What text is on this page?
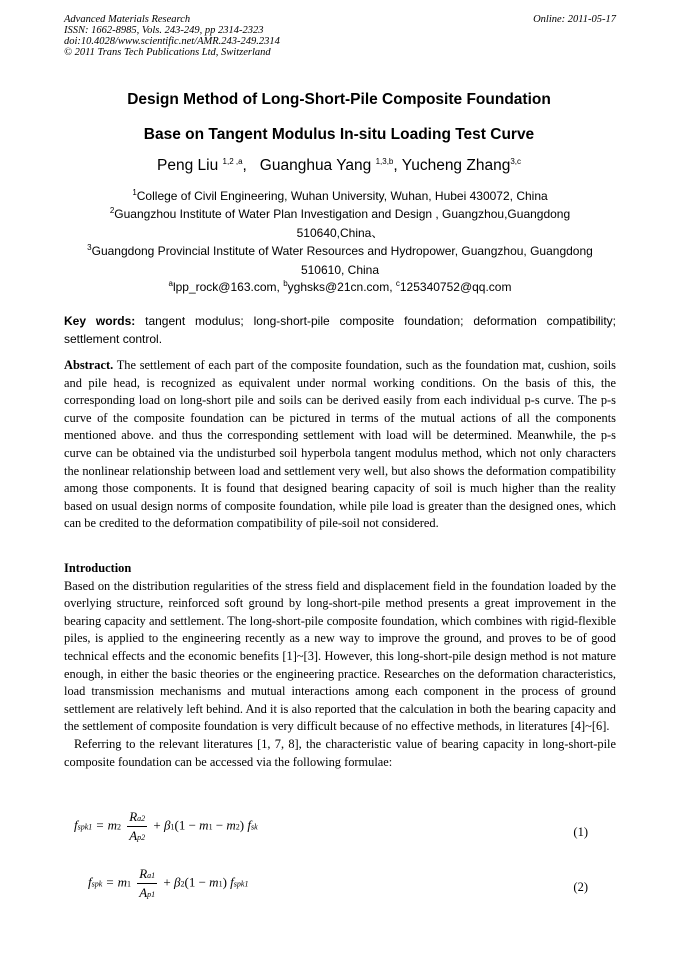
Advanced Materials Research
ISSN: 1662-8985, Vols. 243-249, pp 2314-2323
doi:10.4028/www.scientific.net/AMR.243-249.2314
© 2011 Trans Tech Publications Ltd, Switzerland
Online: 2011-05-17
Design Method of Long-Short-Pile Composite Foundation
Base on Tangent Modulus In-situ Loading Test Curve
Peng Liu $^{1,2 ,a}$,   Guanghua Yang $^{1,3,b}$, Yucheng Zhang$^{3,c}$
$^1$College of Civil Engineering, Wuhan University, Wuhan, Hubei 430072, China
$^2$Guangzhou Institute of Water Plan Investigation and Design , Guangzhou,Guangdong
510640,China、
$^3$Guangdong Provincial Institute of Water Resources and Hydropower, Guangzhou, Guangdong
510610, China
$^a$lpp_rock@163.com, $^b$yghsks@21cn.com, $^c$125340752@qq.com
Key words: tangent modulus; long-short-pile composite foundation; deformation compatibility; settlement control.
Abstract. The settlement of each part of the composite foundation, such as the foundation mat, cushion, soils and pile head, is recognized as equivalent under normal working conditions. On the basis of this, the corresponding load on long-short pile and soils can be derived easily from each individual p-s curve. The p-s curve of the composite foundation can be pictured in terms of the mutual actions of all the components mentioned above. and thus the corresponding settlement with load will be determined. Meanwhile, the p-s curve can be obtained via the undisturbed soil hyperbola tangent modulus method, which not only characters the nonlinear relationship between load and settlement very well, but also shows the deformation compatibility among those components. It is found that designed bearing capacity of soil is much higher than the reality based on usual design norms of composite foundation, while pile load is greater than the designed ones, which can be credited to the deformation compatibility of pile-soil not considered.
Introduction
Based on the distribution regularities of the stress field and displacement field in the foundation loaded by the overlying structure, reinforced soft ground by long-short-pile method presents a great improvement in the bearing capacity and settlement. The long-short-pile composite foundation, which combines with rigid-flexible piles, is applied to the engineering recently as a new way to improve the ground, and proves to be of good technical effects and the economic benefits [1]~[3]. However, this long-short-pile design method is not mature enough, in either the basic theories or the engineering practice. Researches on the deformation characteristics, load transmission mechanisms and mutual interactions among each component in the process of ground settlement are relatively left behind. And it is also reported that the calculation in both the bearing capacity and the settlement of composite foundation is very difficult because of no effective methods, in literatures [4]~[6].
Referring to the relevant literatures [1, 7, 8], the characteristic value of bearing capacity in long-short-pile composite foundation can be accessed via the following formulae:
fspk1 = $m2 \frac{Ra2}{Ap2} + \beta 1(1 - m1 - m2)$ fsk	(1)
fspk = $m1 \frac{Ra1}{Ap1} + \beta 2(1 - m1)$ fspk1	(2)
